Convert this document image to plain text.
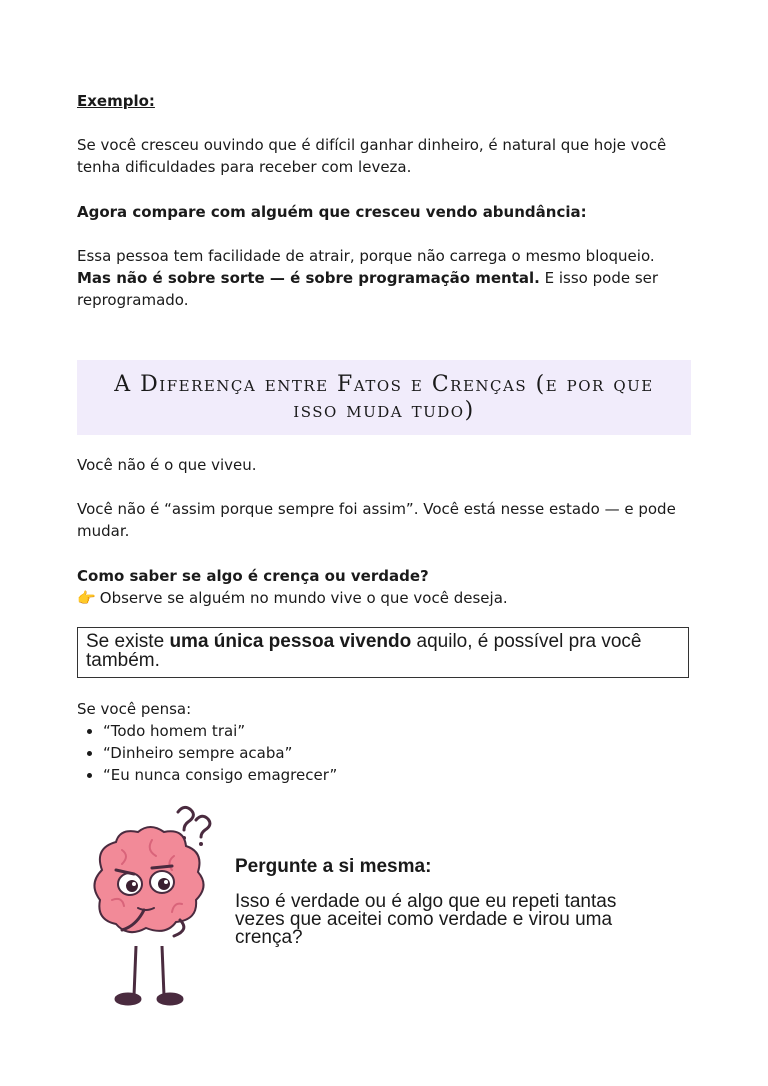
Exemplo:

Se você cresceu ouvindo que é difícil ganhar dinheiro, é natural que hoje você tenha dificuldades para receber com leveza.

Agora compare com alguém que cresceu vendo abundância:

Essa pessoa tem facilidade de atrair, porque não carrega o mesmo bloqueio.
Mas não é sobre sorte — é sobre programação mental. E isso pode ser reprogramado.

A Diferença entre Fatos e Crenças (e por que isso muda tudo)

Você não é o que viveu.

Você não é “assim porque sempre foi assim”. Você está nesse estado — e pode mudar.

Como saber se algo é crença ou verdade?

👉 Observe se alguém no mundo vive o que você deseja.

Se existe uma única pessoa vivendo aquilo, é possível pra você também.

Se você pensa:

• “Todo homem trai”
• “Dinheiro sempre acaba”
• “Eu nunca consigo emagrecer”

Pergunte a si mesma:

Isso é verdade ou é algo que eu repeti tantas vezes que aceitei como verdade e virou uma crença?
